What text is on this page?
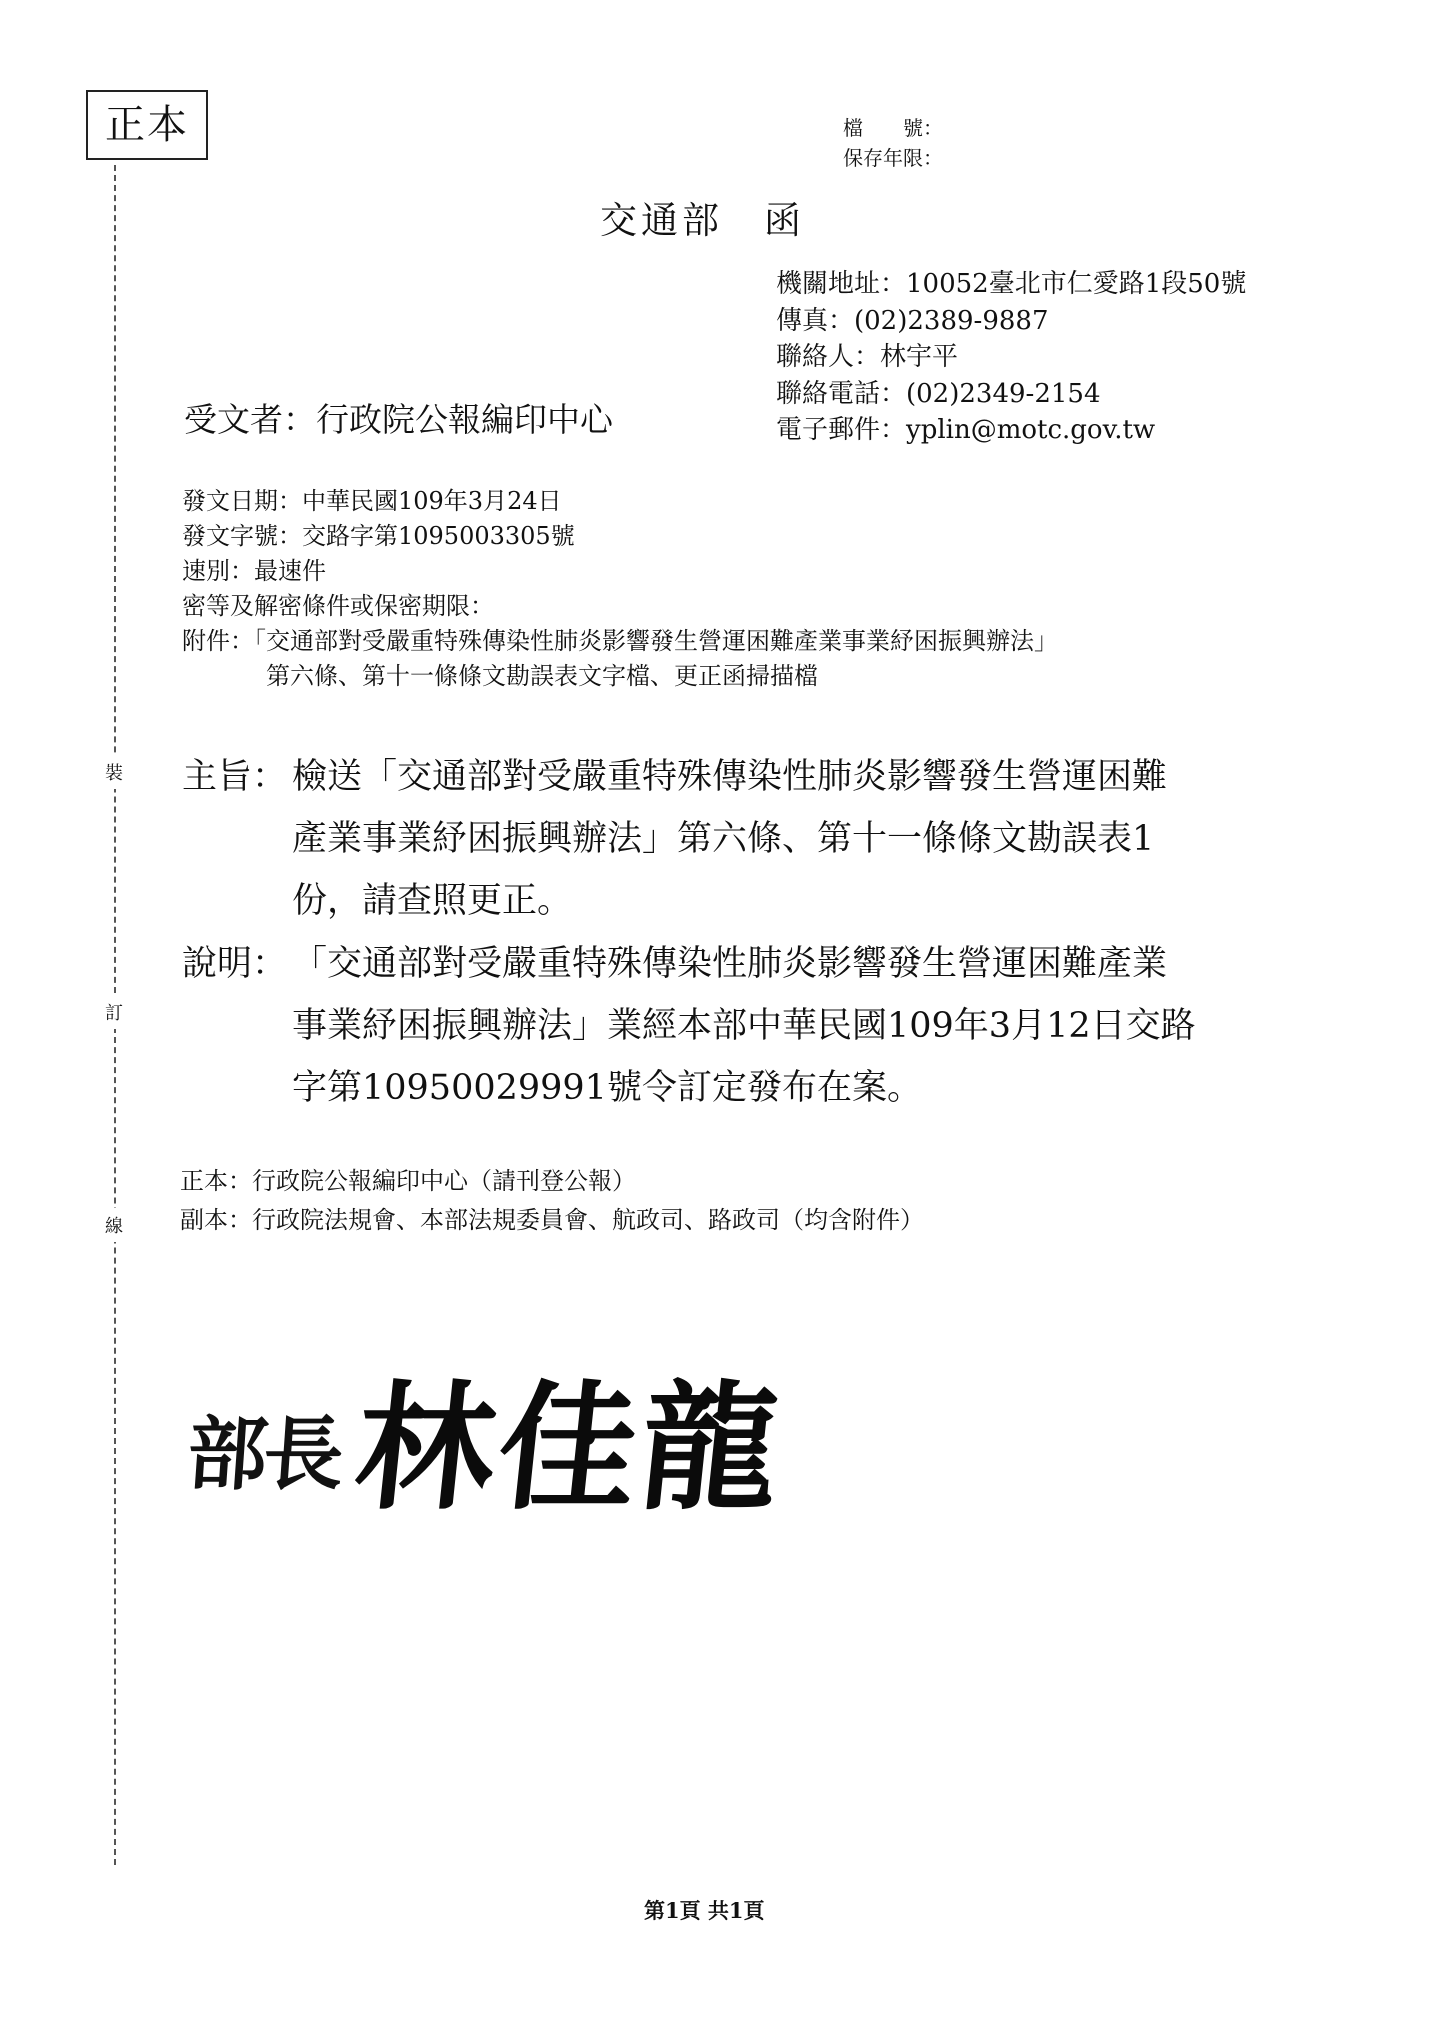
正本
裝
訂
線
檔　　號：
保存年限：
交通部　函
機關地址：10052臺北市仁愛路1段50號
傳真：(02)2389-9887
聯絡人：林宇平
聯絡電話：(02)2349-2154
電子郵件：yplin@motc.gov.tw
受文者：行政院公報編印中心
發文日期：中華民國109年3月24日
發文字號：交路字第1095003305號
速別：最速件
密等及解密條件或保密期限：
附件：「交通部對受嚴重特殊傳染性肺炎影響發生營運困難產業事業紓困振興辦法」
第六條、第十一條條文勘誤表文字檔、更正函掃描檔
主旨： 檢送「交通部對受嚴重特殊傳染性肺炎影響發生營運困難
產業事業紓困振興辦法」第六條、第十一條條文勘誤表1
份，請查照更正。
說明： 「交通部對受嚴重特殊傳染性肺炎影響發生營運困難產業
事業紓困振興辦法」業經本部中華民國109年3月12日交路
字第10950029991號令訂定發布在案。
正本：行政院公報編印中心（請刊登公報）
副本：行政院法規會、本部法規委員會、航政司、路政司（均含附件）
部長 林佳龍
第1頁 共1頁
